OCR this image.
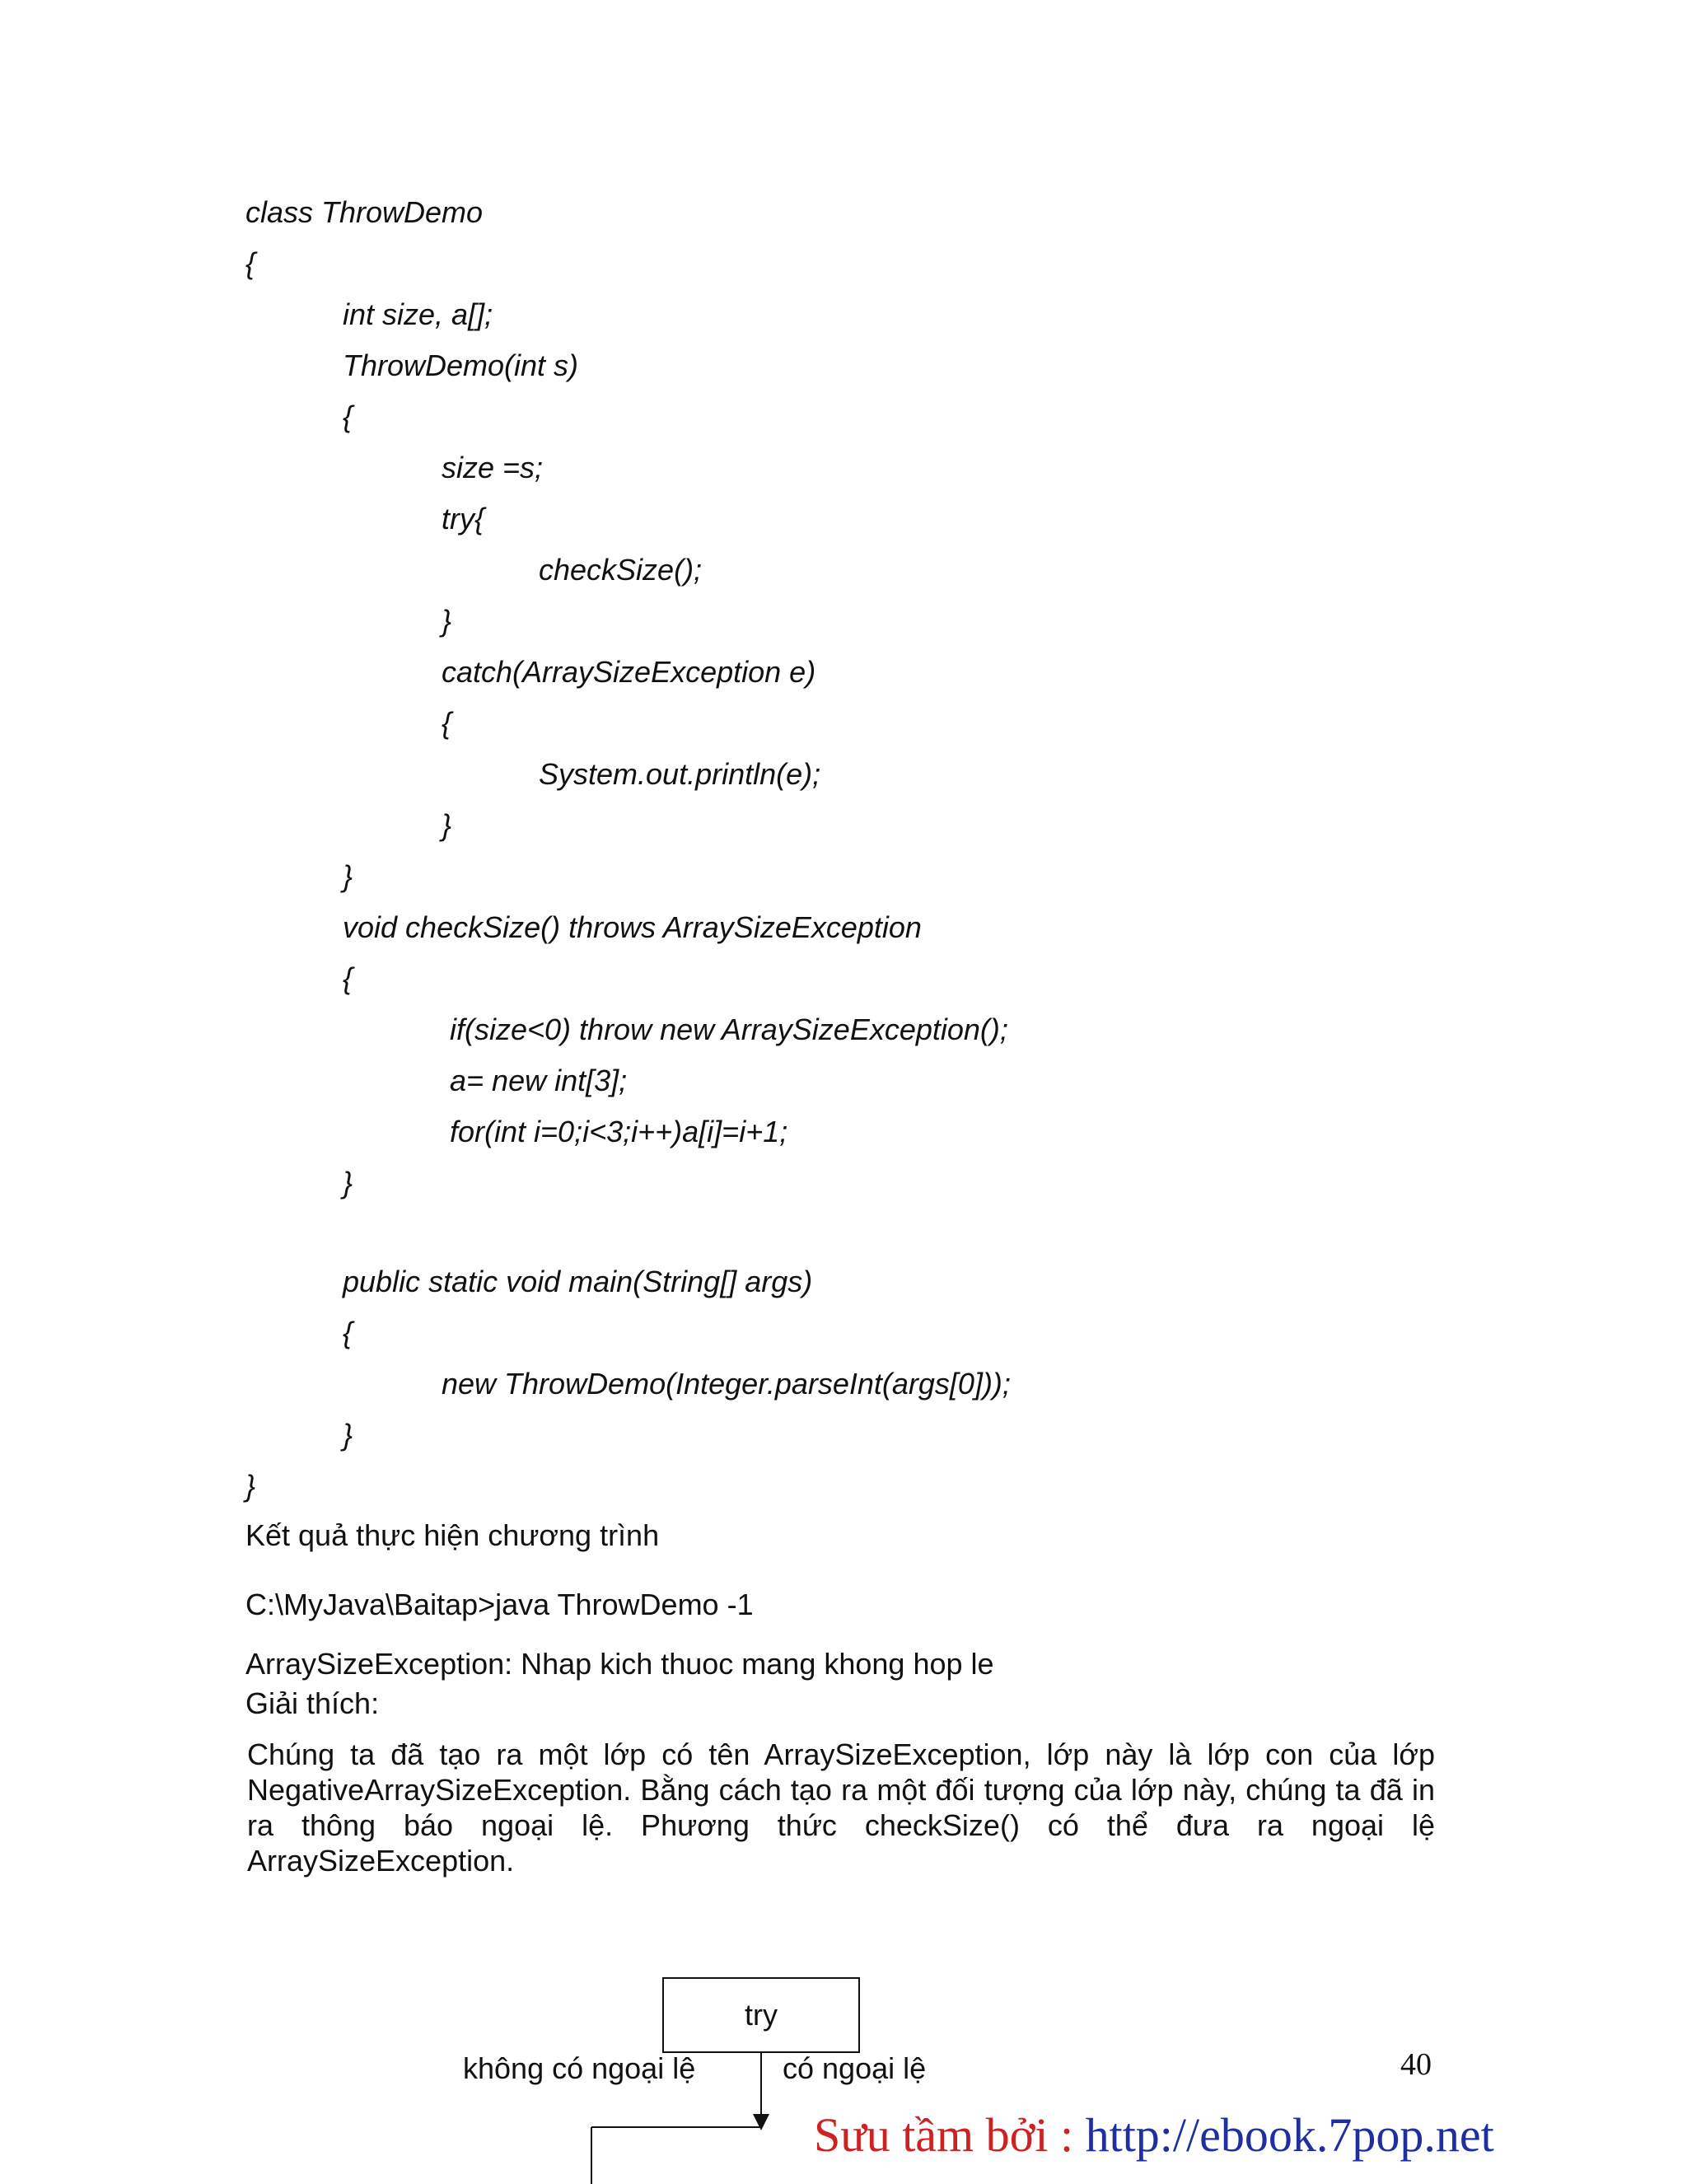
class ThrowDemo

{

int size, a[];

ThrowDemo(int s)

{

size =s;

try{

checkSize();

}

catch(ArraySizeException e)

{

System.out.println(e);

}

}

void checkSize() throws ArraySizeException

{

if(size<0) throw new ArraySizeException();

a= new int[3];

for(int i=0;i<3;i++)a[i]=i+1;

}

public static void main(String[] args)

{

new ThrowDemo(Integer.parseInt(args[0]));

}

}

Kết quả thực hiện chương trình

C:\MyJava\Baitap>java ThrowDemo -1

ArraySizeException: Nhap kich thuoc mang khong hop le

Giải thích:

Chúng ta đã tạo ra một lớp có tên ArraySizeException, lớp này là lớp con của lớp NegativeArraySizeException. Bằng cách tạo ra một đối tượng của lớp này, chúng ta đã in ra thông báo ngoại lệ. Phương thức checkSize() có thể đưa ra ngoại lệ ArraySizeException.

try
không có ngoại lệ	có ngoại lệ	40
Sưu tầm bởi : http://ebook.7pop.net
